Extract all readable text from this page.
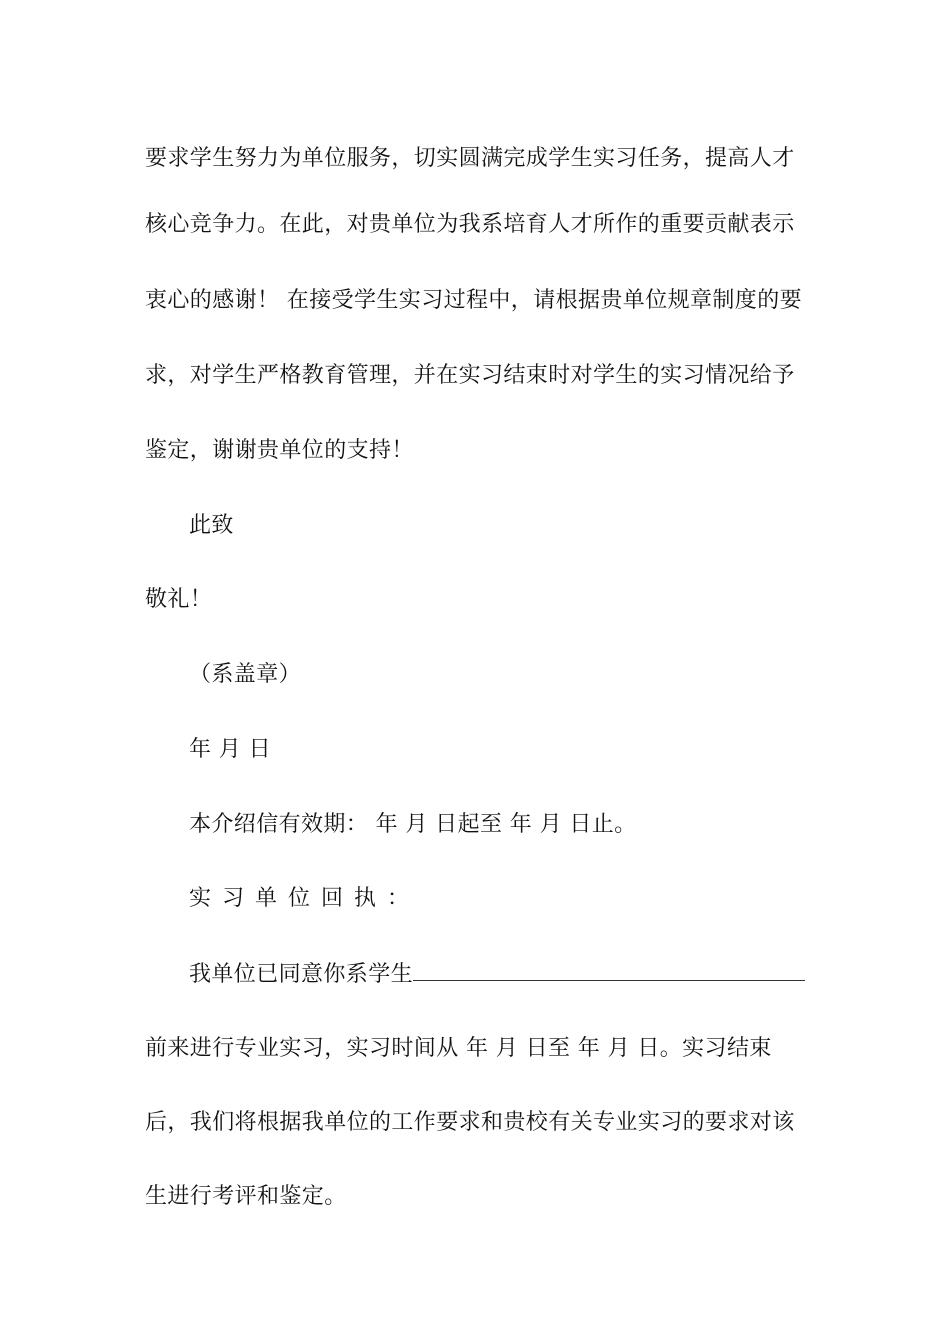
要求学生努力为单位服务，切实圆满完成学生实习任务，提高人才
核心竞争力。在此，对贵单位为我系培育人才所作的重要贡献表示
衷心的感谢！ 在接受学生实习过程中，请根据贵单位规章制度的要
求，对学生严格教育管理，并在实习结束时对学生的实习情况给予
鉴定，谢谢贵单位的支持！
此致
敬礼！
（系盖章）
年 月 日
本介绍信有效期： 年 月 日起至 年 月 日止。
实习单位回执：
我单位已同意你系学生
前来进行专业实习，实习时间从 年 月 日至 年 月 日。实习结束
后，我们将根据我单位的工作要求和贵校有关专业实习的要求对该
生进行考评和鉴定。
